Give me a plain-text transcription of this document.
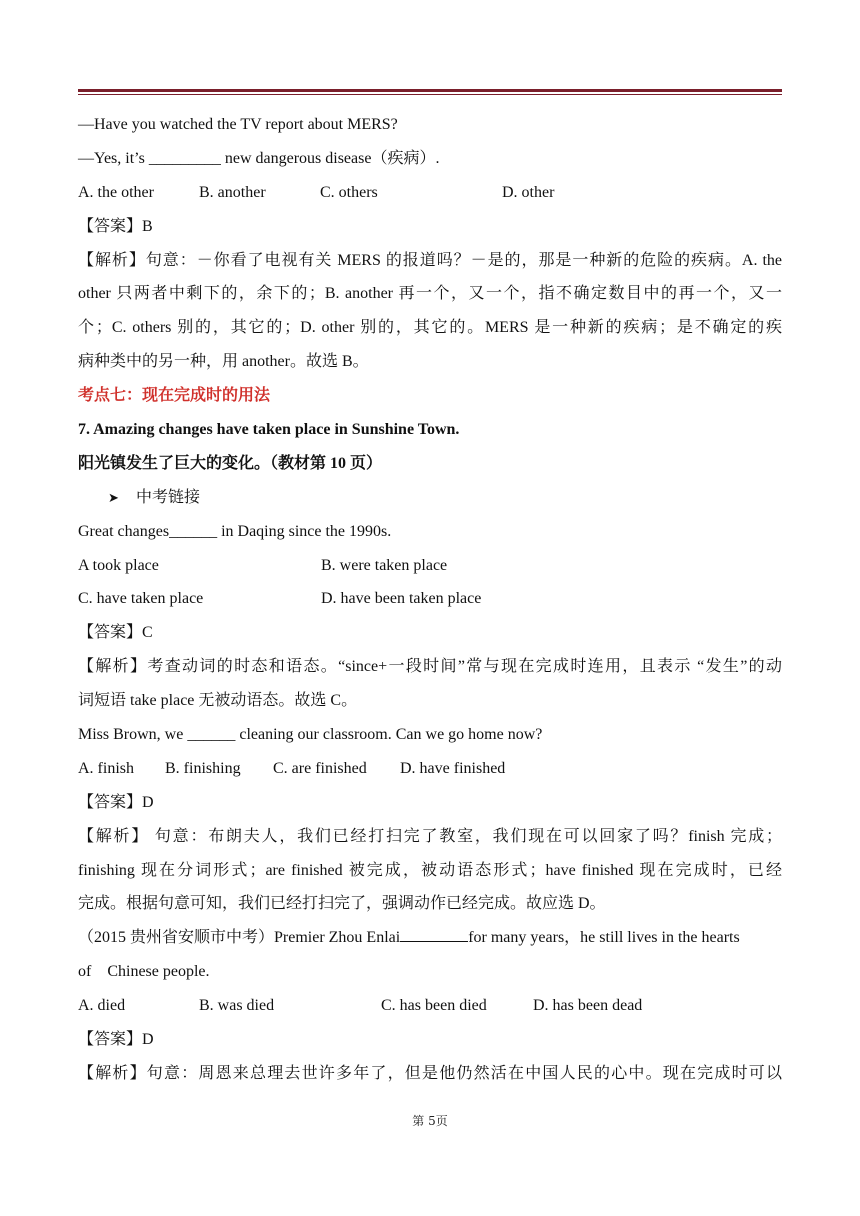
—Have you watched the TV report about MERS?
—Yes, it’s _________ new dangerous disease（疾病）.
A. the other	B. another	C. others	D. other
【答案】B
【解析】句意：－你看了电视有关 MERS 的报道吗？－是的，那是一种新的危险的疾病。A. the
other 只两者中剩下的，余下的；B. another 再一个，又一个，指不确定数目中的再一个，又一
个；C. others 别的，其它的；D. other 别的，其它的。MERS 是一种新的疾病；是不确定的疾
病种类中的另一种，用 another。故选 B。
考点七：现在完成时的用法
7. Amazing changes have taken place in Sunshine Town.
阳光镇发生了巨大的变化。（教材第 10 页）
➤ 中考链接
Great changes______ in Daqing since the 1990s.
A took place	B. were taken place
C. have taken place	D. have been taken place
【答案】C
【解析】考查动词的时态和语态。“since+一段时间”常与现在完成时连用，且表示 “发生”的动
词短语 take place 无被动语态。故选 C。
Miss Brown, we ______ cleaning our classroom. Can we go home now?
A. finish B. finishing C. are finished D. have finished
【答案】D
【解析】 句意：布朗夫人，我们已经打扫完了教室，我们现在可以回家了吗？finish 完成；
finishing 现在分词形式；are finished 被完成，被动语态形式；have finished 现在完成时，已经
完成。根据句意可知，我们已经打扫完了，强调动作已经完成。故应选 D。
（2015 贵州省安顺市中考）Premier Zhou Enlai	for many years，he still lives in the hearts
of    Chinese people.
A. died	B. was died	C. has been died	D. has been dead
【答案】D
【解析】句意：周恩来总理去世许多年了，但是他仍然活在中国人民的心中。现在完成时可以
第 5页
